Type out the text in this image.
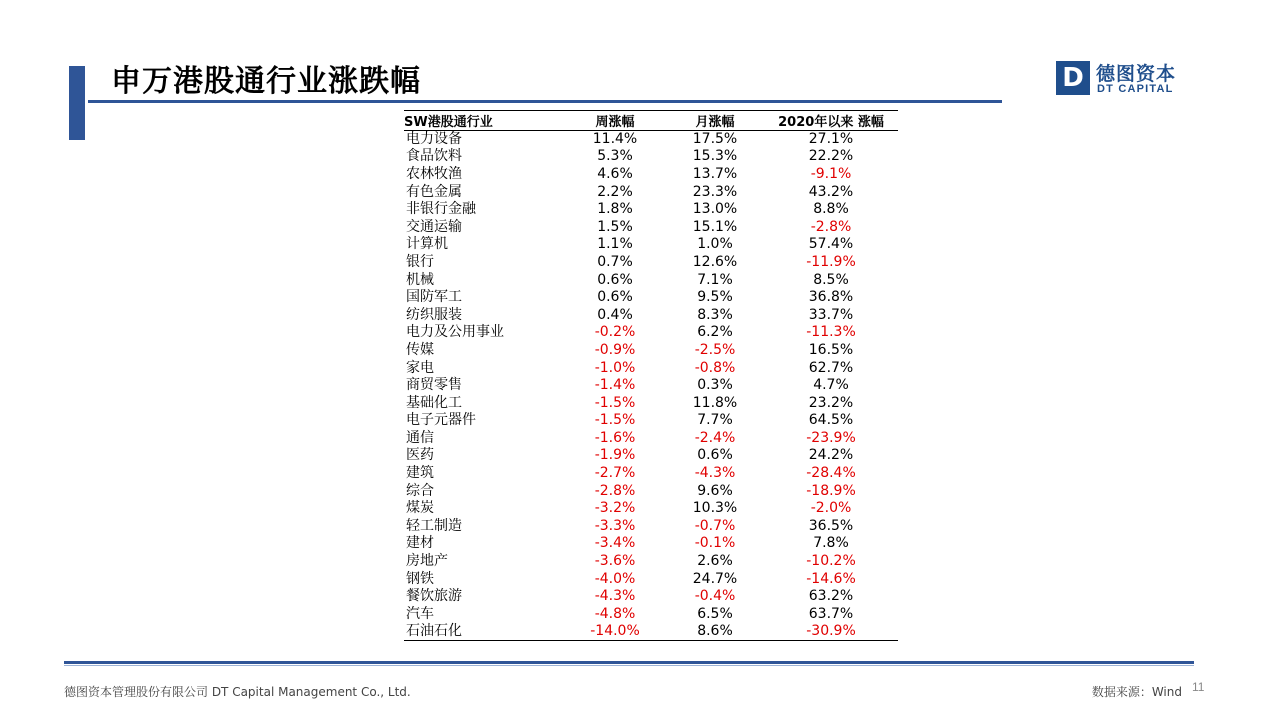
申万港股通行业涨跌幅	D 德图资本
DT CAPITAL
SW港股通行业	周涨幅	月涨幅	2020年以来 涨幅
电力设备	11.4%	17.5%	27.1%
食品饮料	5.3%	15.3%	22.2%
农林牧渔	4.6%	13.7%	-9.1%
有色金属	2.2%	23.3%	43.2%
非银行金融	1.8%	13.0%	8.8%
交通运输	1.5%	15.1%	-2.8%
计算机	1.1%	1.0%	57.4%
银行	0.7%	12.6%	-11.9%
机械	0.6%	7.1%	8.5%
国防军工	0.6%	9.5%	36.8%
纺织服装	0.4%	8.3%	33.7%
电力及公用事业	-0.2%	6.2%	-11.3%
传媒	-0.9%	-2.5%	16.5%
家电	-1.0%	-0.8%	62.7%
商贸零售	-1.4%	0.3%	4.7%
基础化工	-1.5%	11.8%	23.2%
电子元器件	-1.5%	7.7%	64.5%
通信	-1.6%	-2.4%	-23.9%
医药	-1.9%	0.6%	24.2%
建筑	-2.7%	-4.3%	-28.4%
综合	-2.8%	9.6%	-18.9%
煤炭	-3.2%	10.3%	-2.0%
轻工制造	-3.3%	-0.7%	36.5%
建材	-3.4%	-0.1%	7.8%
房地产	-3.6%	2.6%	-10.2%
钢铁	-4.0%	24.7%	-14.6%
餐饮旅游	-4.3%	-0.4%	63.2%
汽车	-4.8%	6.5%	63.7%
石油石化	-14.0%	8.6%	-30.9%
德图资本管理股份有限公司 DT Capital Management Co., Ltd.	数据来源：Wind 11
